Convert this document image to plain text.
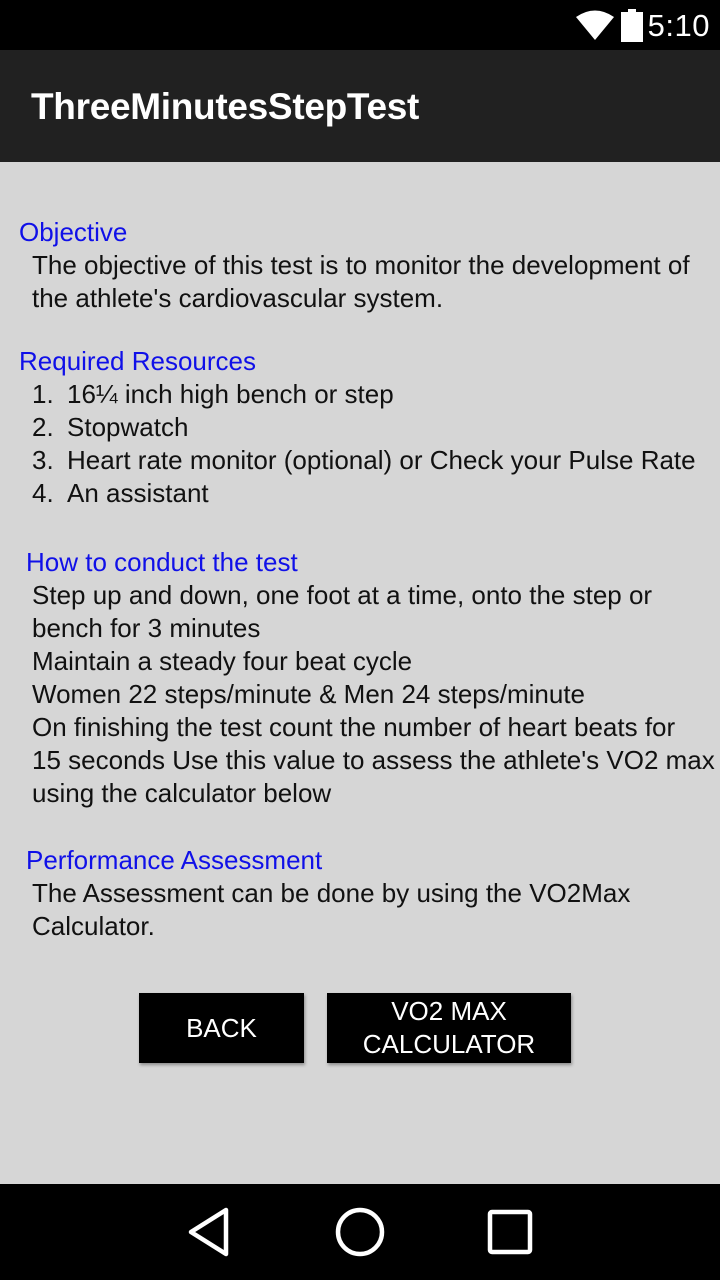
5:10
ThreeMinutesStepTest
Objective

The objective of this test is to monitor the development of

the athlete's cardiovascular system.

Required Resources
1. 16¼ inch high bench or step
2. Stopwatch
3. Heart rate monitor (optional) or Check your Pulse Rate
4. An assistant
How to conduct the test

Step up and down, one foot at a time, onto the step or

bench for 3 minutes

Maintain a steady four beat cycle

Women 22 steps/minute & Men 24 steps/minute

On finishing the test count the number of heart beats for

15 seconds Use this value to assess the athlete's VO2 max

using the calculator below

Performance Assessment

The Assessment can be done by using the VO2Max

Calculator.

BACK
VO2 MAX
CALCULATOR
